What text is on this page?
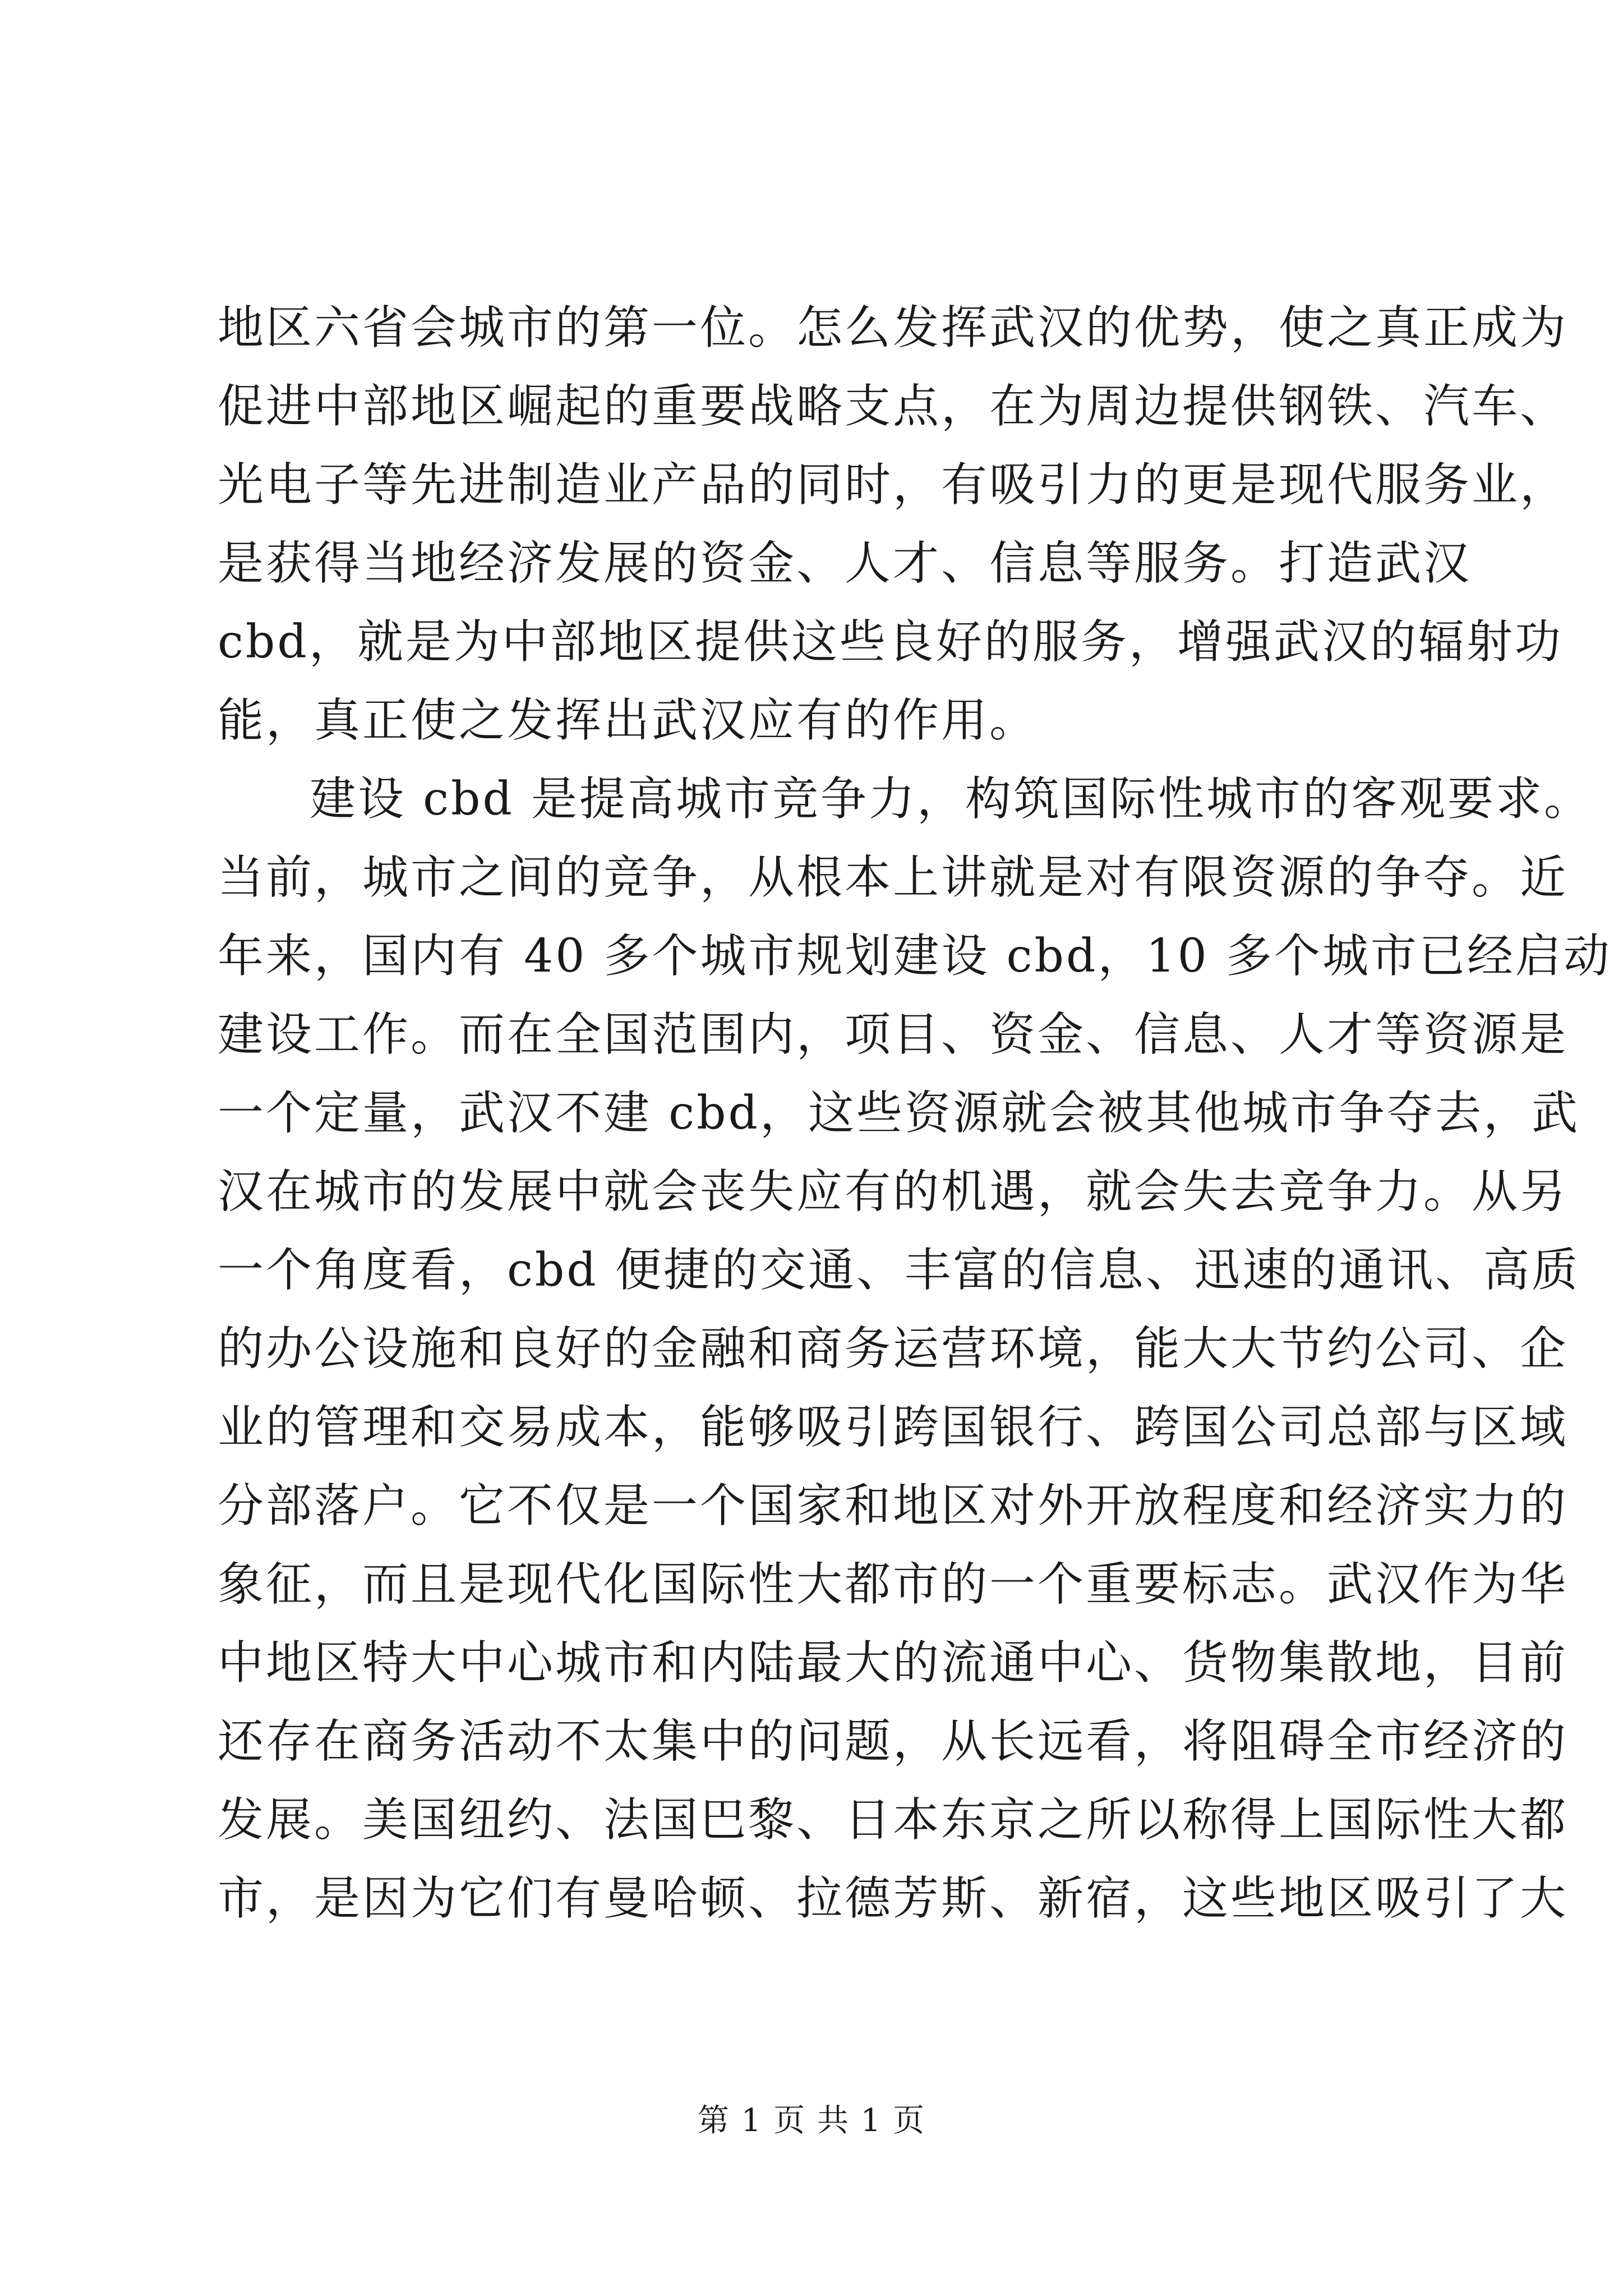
地区六省会城市的第一位。怎么发挥武汉的优势，使之真正成为
促进中部地区崛起的重要战略支点，在为周边提供钢铁、汽车、
光电子等先进制造业产品的同时，有吸引力的更是现代服务业，
是获得当地经济发展的资金、人才、信息等服务。打造武汉
cbd，就是为中部地区提供这些良好的服务，增强武汉的辐射功
能，真正使之发挥出武汉应有的作用。
建设 cbd 是提高城市竞争力，构筑国际性城市的客观要求。
当前，城市之间的竞争，从根本上讲就是对有限资源的争夺。近
年来，国内有 40 多个城市规划建设 cbd，10 多个城市已经启动
建设工作。而在全国范围内，项目、资金、信息、人才等资源是
一个定量，武汉不建 cbd，这些资源就会被其他城市争夺去，武
汉在城市的发展中就会丧失应有的机遇，就会失去竞争力。从另
一个角度看，cbd 便捷的交通、丰富的信息、迅速的通讯、高质
的办公设施和良好的金融和商务运营环境，能大大节约公司、企
业的管理和交易成本，能够吸引跨国银行、跨国公司总部与区域
分部落户。它不仅是一个国家和地区对外开放程度和经济实力的
象征，而且是现代化国际性大都市的一个重要标志。武汉作为华
中地区特大中心城市和内陆最大的流通中心、货物集散地，目前
还存在商务活动不太集中的问题，从长远看，将阻碍全市经济的
发展。美国纽约、法国巴黎、日本东京之所以称得上国际性大都
市，是因为它们有曼哈顿、拉德芳斯、新宿，这些地区吸引了大
第 1 页 共 1 页
